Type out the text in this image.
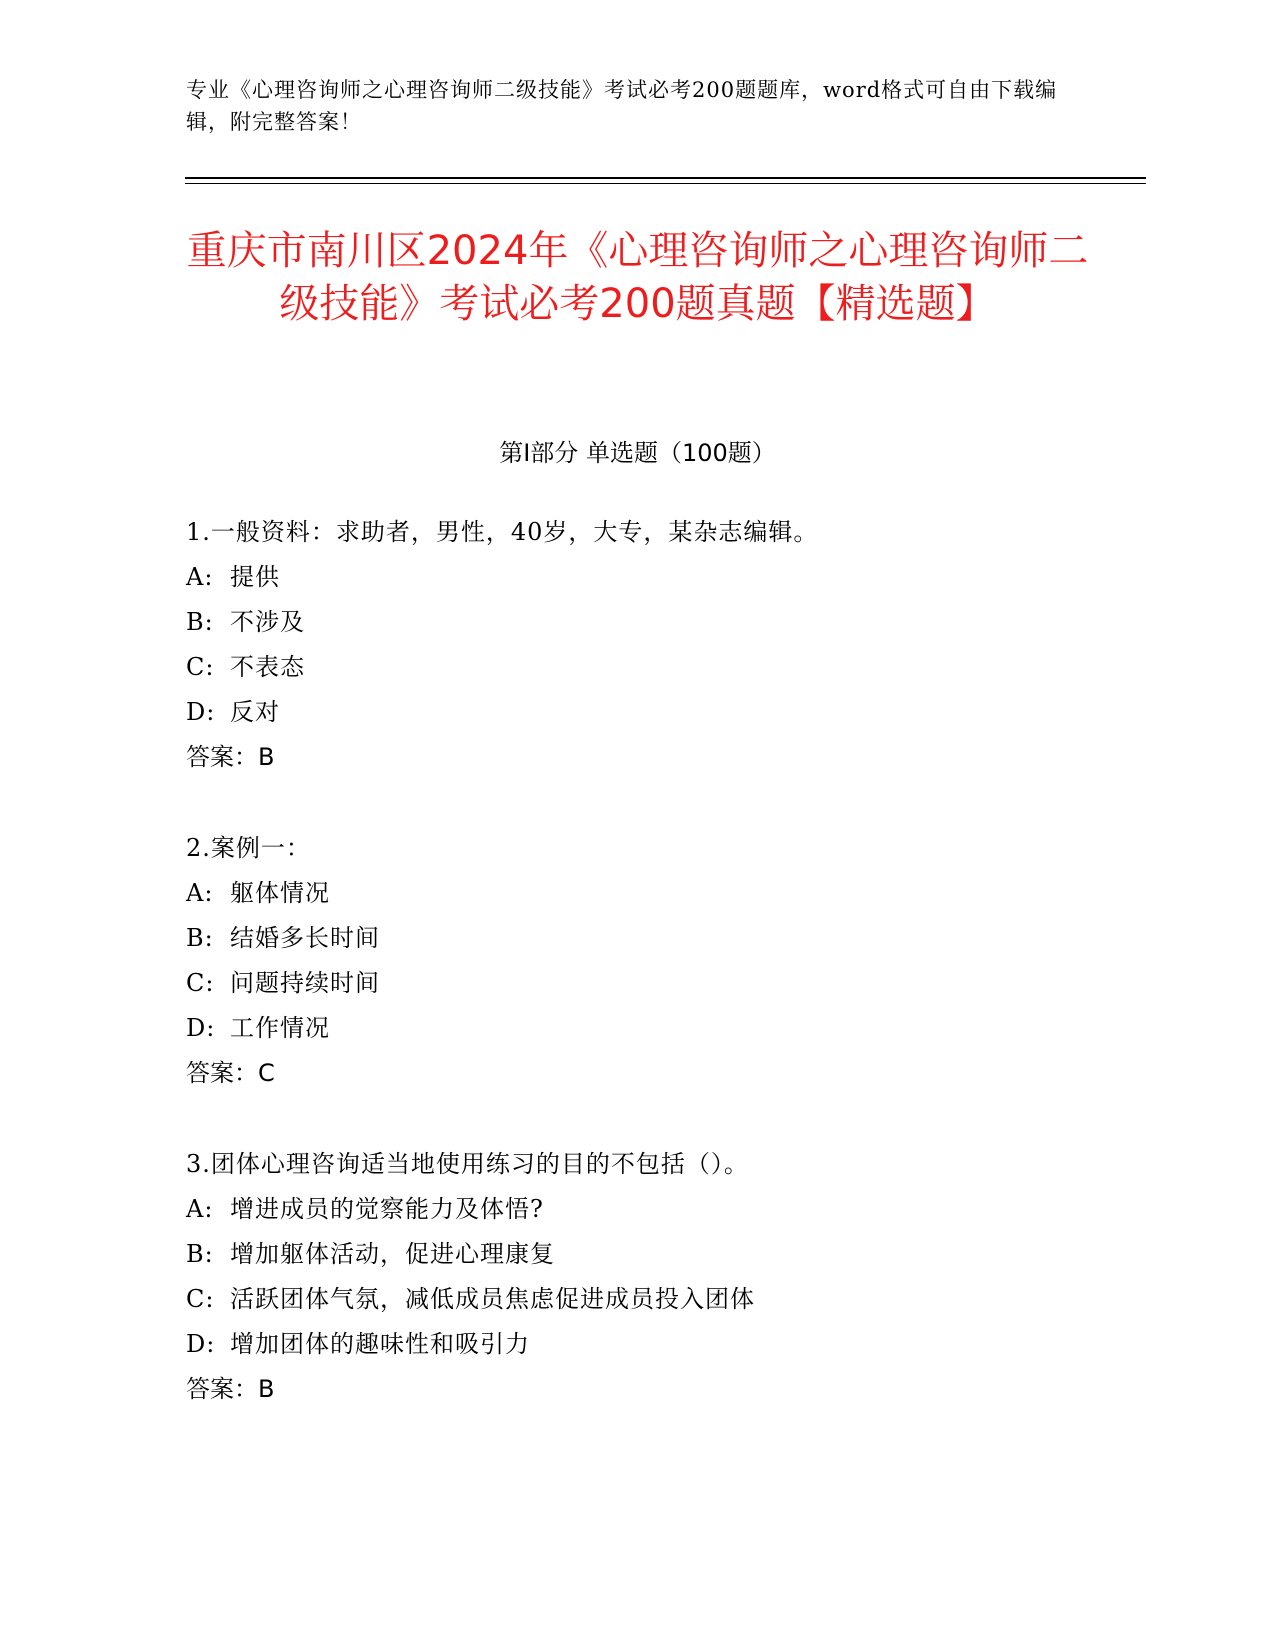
专业《心理咨询师之心理咨询师二级技能》考试必考200题题库，word格式可自由下载编辑，附完整答案！
重庆市南川区2024年《心理咨询师之心理咨询师二级技能》考试必考200题真题【精选题】
第Ⅰ部分 单选题（100题）
1.一般资料：求助者，男性，40岁，大专，某杂志编辑。
A: 提供
B: 不涉及
C: 不表态
D: 反对
答案：B
2.案例一：
A: 躯体情况
B: 结婚多长时间
C: 问题持续时间
D: 工作情况
答案：C
3.团体心理咨询适当地使用练习的目的不包括（）。
A: 增进成员的觉察能力及体悟?
B: 增加躯体活动，促进心理康复
C: 活跃团体气氛，减低成员焦虑促进成员投入团体
D: 增加团体的趣味性和吸引力
答案：B
